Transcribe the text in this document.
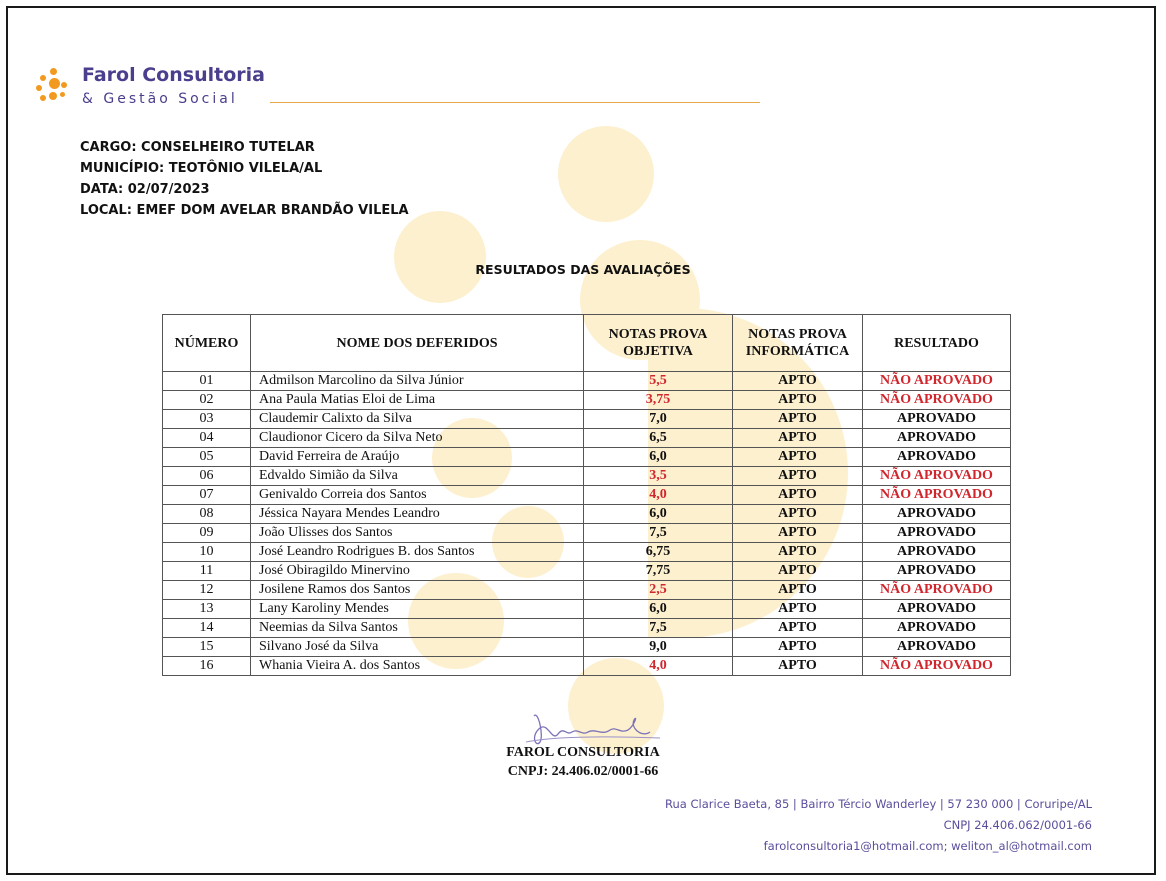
Farol Consultoria
& Gestão Social
CARGO: CONSELHEIRO TUTELAR
MUNICÍPIO: TEOTÔNIO VILELA/AL
DATA: 02/07/2023
LOCAL: EMEF DOM AVELAR BRANDÃO VILELA
RESULTADOS DAS AVALIAÇÕES
NÚMERO	NOME DOS DEFERIDOS	NOTAS PROVA OBJETIVA	NOTAS PROVA INFORMÁTICA	RESULTADO
01	Admilson Marcolino da Silva Júnior	5,5	APTO	NÃO APROVADO
02	Ana Paula Matias Eloi de Lima	3,75	APTO	NÃO APROVADO
03	Claudemir Calixto da Silva	7,0	APTO	APROVADO
04	Claudionor Cicero da Silva Neto	6,5	APTO	APROVADO
05	David Ferreira de Araújo	6,0	APTO	APROVADO
06	Edvaldo Simião da Silva	3,5	APTO	NÃO APROVADO
07	Genivaldo Correia dos Santos	4,0	APTO	NÃO APROVADO
08	Jéssica Nayara Mendes Leandro	6,0	APTO	APROVADO
09	João Ulisses dos Santos	7,5	APTO	APROVADO
10	José Leandro Rodrigues B. dos Santos	6,75	APTO	APROVADO
11	José Obiragildo Minervino	7,75	APTO	APROVADO
12	Josilene Ramos dos Santos	2,5	APTO	NÃO APROVADO
13	Lany Karoliny Mendes	6,0	APTO	APROVADO
14	Neemias da Silva Santos	7,5	APTO	APROVADO
15	Silvano José da Silva	9,0	APTO	APROVADO
16	Whania Vieira A. dos Santos	4,0	APTO	NÃO APROVADO
FAROL CONSULTORIA
CNPJ: 24.406.02/0001-66
Rua Clarice Baeta, 85 | Bairro Tércio Wanderley | 57 230 000 | Coruripe/AL
CNPJ 24.406.062/0001-66
farolconsultoria1@hotmail.com; weliton_al@hotmail.com
